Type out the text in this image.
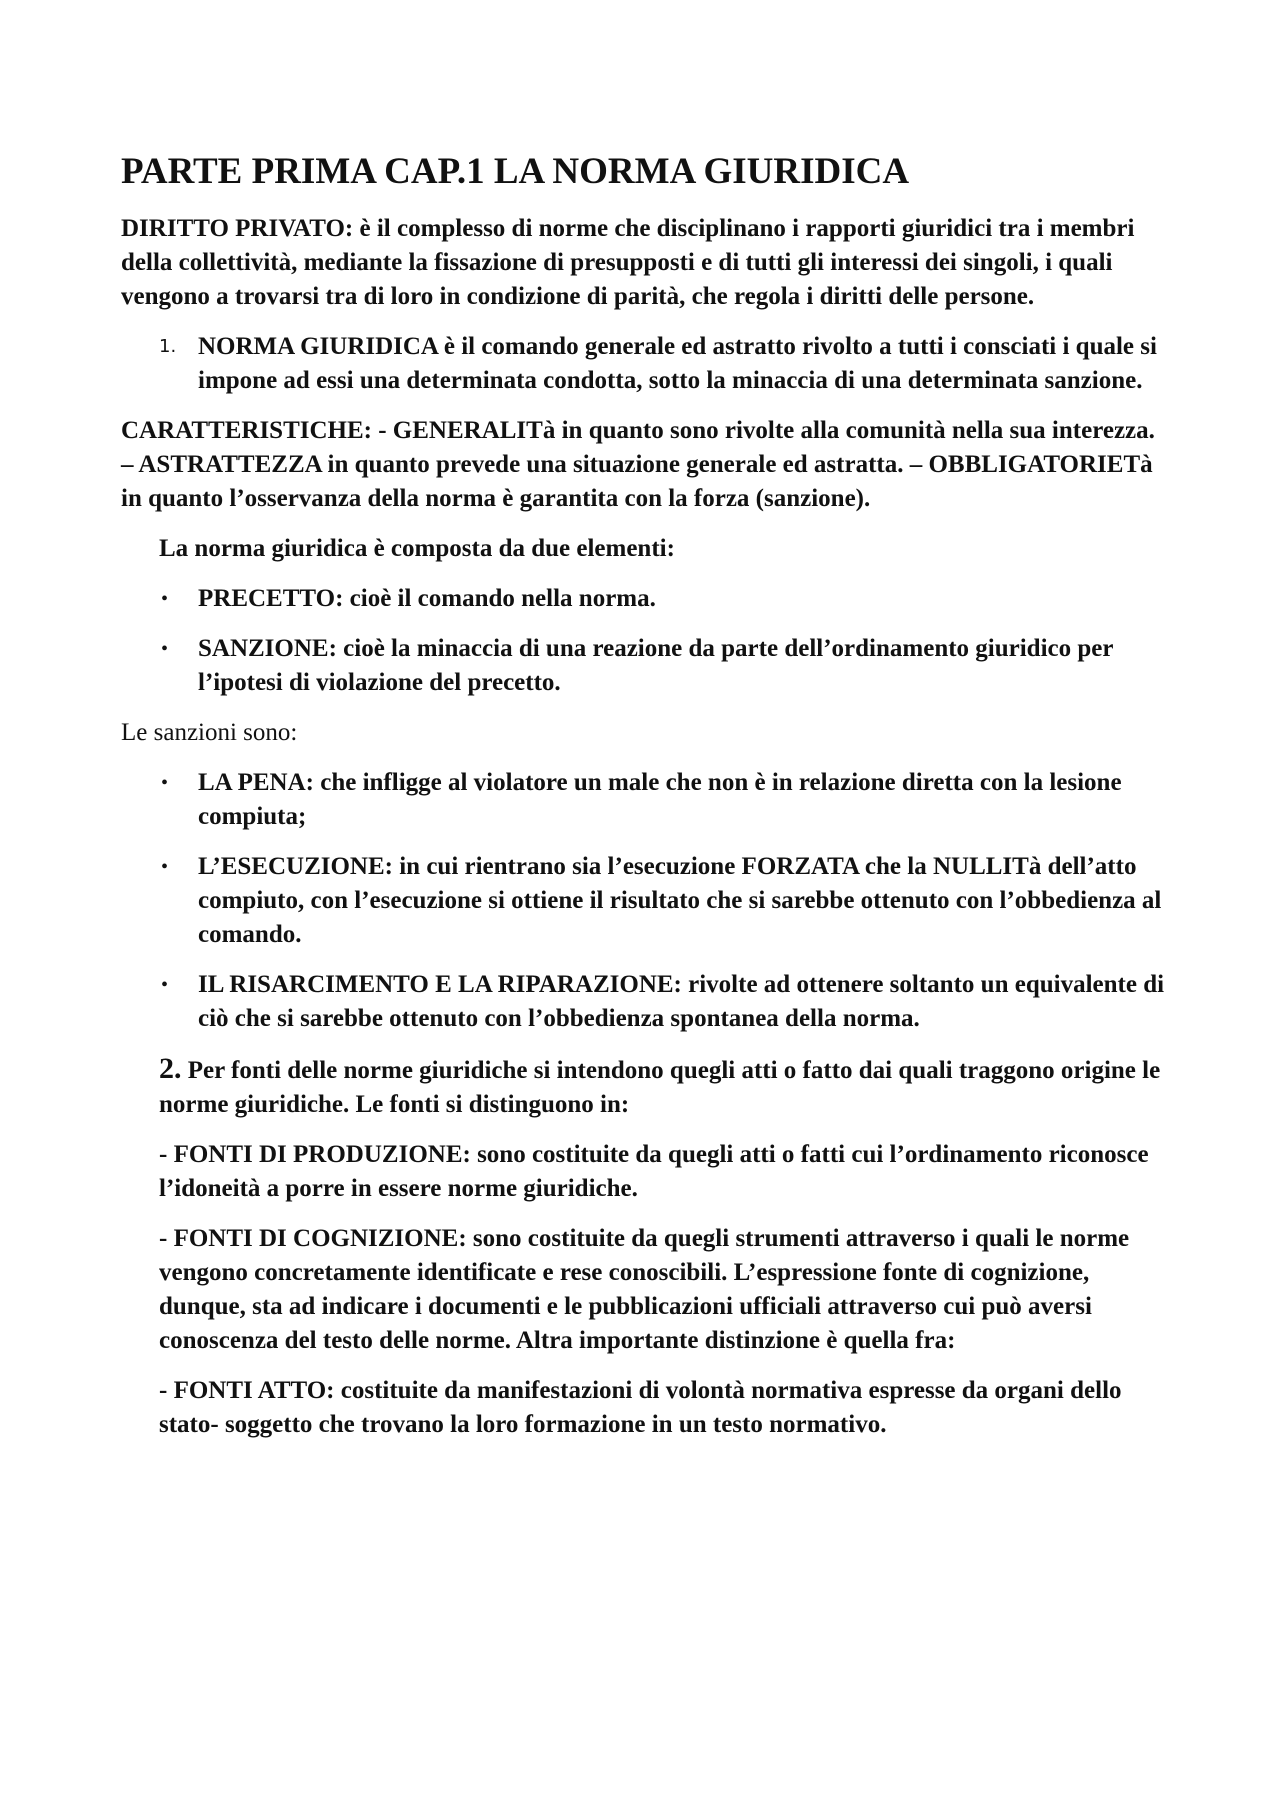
PARTE PRIMA CAP.1 LA NORMA GIURIDICA

DIRITTO PRIVATO: è il complesso di norme che disciplinano i rapporti giuridici tra i membri della collettività, mediante la fissazione di presupposti e di tutti gli interessi dei singoli, i quali vengono a trovarsi tra di loro in condizione di parità, che regola i diritti delle persone.

1. NORMA GIURIDICA è il comando generale ed astratto rivolto a tutti i consciati i quale si impone ad essi una determinata condotta, sotto la minaccia di una determinata sanzione.

CARATTERISTICHE: - GENERALITà in quanto sono rivolte alla comunità nella sua interezza. – ASTRATTEZZA in quanto prevede una situazione generale ed astratta. – OBBLIGATORIETà in quanto l’osservanza della norma è garantita con la forza (sanzione).

La norma giuridica è composta da due elementi:

• PRECETTO: cioè il comando nella norma.
• SANZIONE: cioè la minaccia di una reazione da parte dell’ordinamento giuridico per l’ipotesi di violazione del precetto.

Le sanzioni sono:

• LA PENA: che infligge al violatore un male che non è in relazione diretta con la lesione compiuta;
• L’ESECUZIONE: in cui rientrano sia l’esecuzione FORZATA che la NULLITà dell’atto compiuto, con l’esecuzione si ottiene il risultato che si sarebbe ottenuto con l’obbedienza al comando.
• IL RISARCIMENTO E LA RIPARAZIONE: rivolte ad ottenere soltanto un equivalente di ciò che si sarebbe ottenuto con l’obbedienza spontanea della norma.

2. Per fonti delle norme giuridiche si intendono quegli atti o fatto dai quali traggono origine le norme giuridiche. Le fonti si distinguono in:

- FONTI DI PRODUZIONE: sono costituite da quegli atti o fatti cui l’ordinamento riconosce l’idoneità a porre in essere norme giuridiche.

- FONTI DI COGNIZIONE: sono costituite da quegli strumenti attraverso i quali le norme vengono concretamente identificate e rese conoscibili. L’espressione fonte di cognizione, dunque, sta ad indicare i documenti e le pubblicazioni ufficiali attraverso cui può aversi conoscenza del testo delle norme. Altra importante distinzione è quella fra:

- FONTI ATTO: costituite da manifestazioni di volontà normativa espresse da organi dello stato- soggetto che trovano la loro formazione in un testo normativo.
